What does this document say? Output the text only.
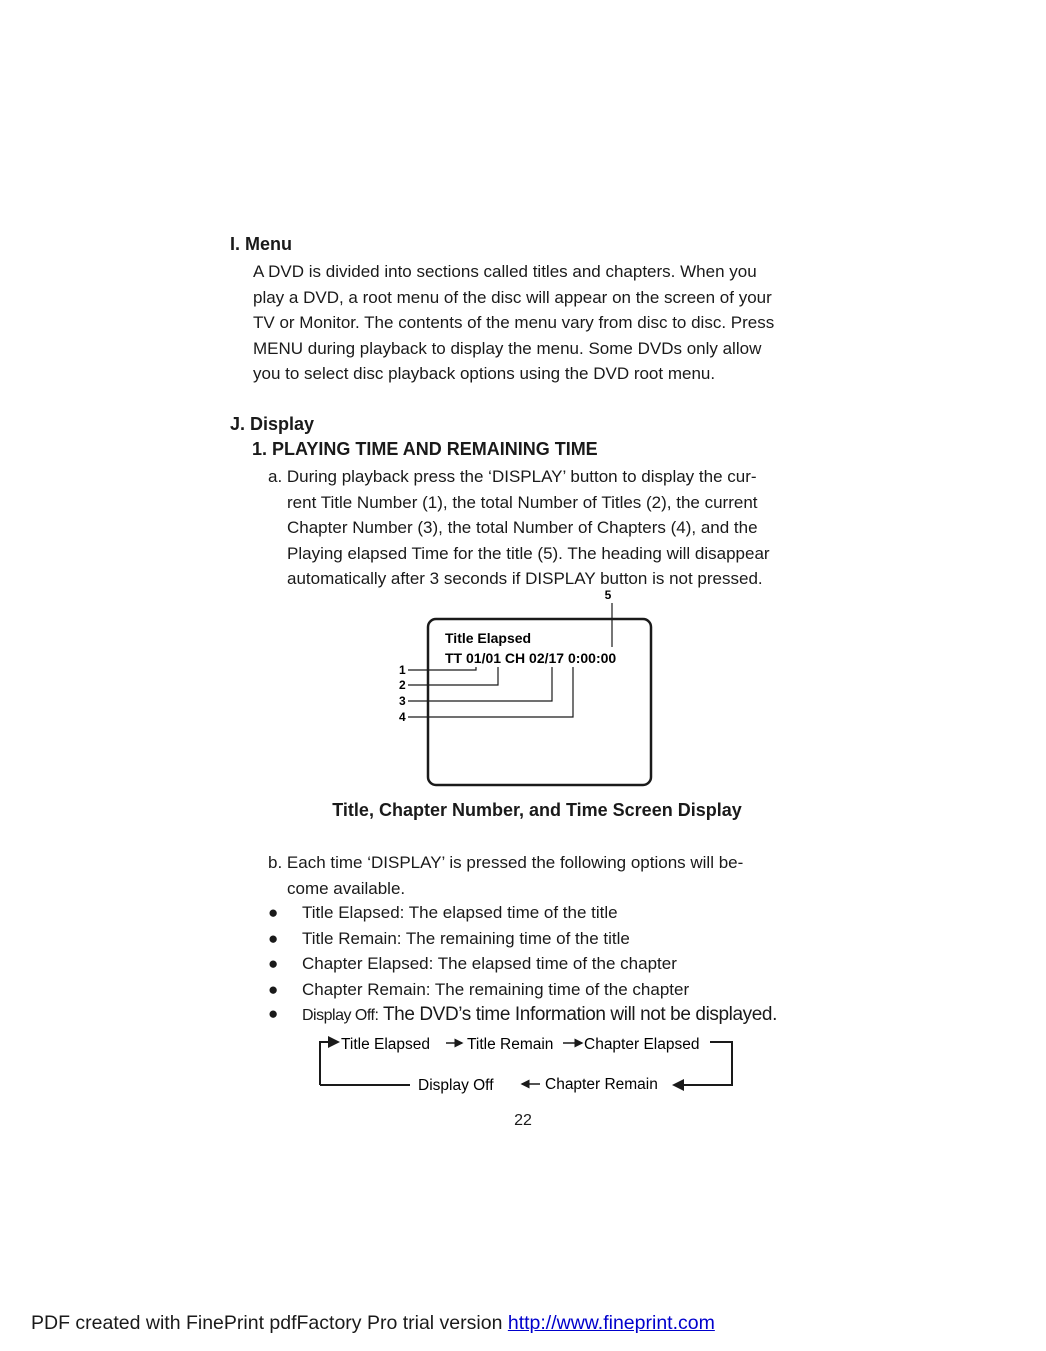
I. Menu
A DVD is divided into sections called titles and chapters. When you
play a DVD, a root menu of the disc will appear on the screen of your
TV or Monitor. The contents of the menu vary from disc to disc. Press
MENU during playback to display the menu. Some DVDs only allow
you to select disc playback options using the DVD root menu.
J. Display
1. PLAYING TIME AND REMAINING TIME
a. During playback press the ‘DISPLAY’ button to display the cur-
rent Title Number (1), the total Number of Titles (2), the current
Chapter Number (3), the total Number of Chapters (4), and the
Playing elapsed Time for the title (5). The heading will disappear
automatically after 3 seconds if DISPLAY button is not pressed.
Title Elapsed
TT 01/01 CH 02/17 0:00:00
5
1
2
3
4
Title, Chapter Number, and Time Screen Display
b. Each time ‘DISPLAY’ is pressed the following options will be-
come available.
● Title Elapsed: The elapsed time of the title
● Title Remain: The remaining time of the title
● Chapter Elapsed: The elapsed time of the chapter
● Chapter Remain: The remaining time of the chapter
● Display Off: The DVD’s time Information will not be displayed.
Title Elapsed Title Remain Chapter Elapsed
Chapter Remain
Display Off
22
PDF created with FinePrint pdfFactory Pro trial version http://www.fineprint.com
